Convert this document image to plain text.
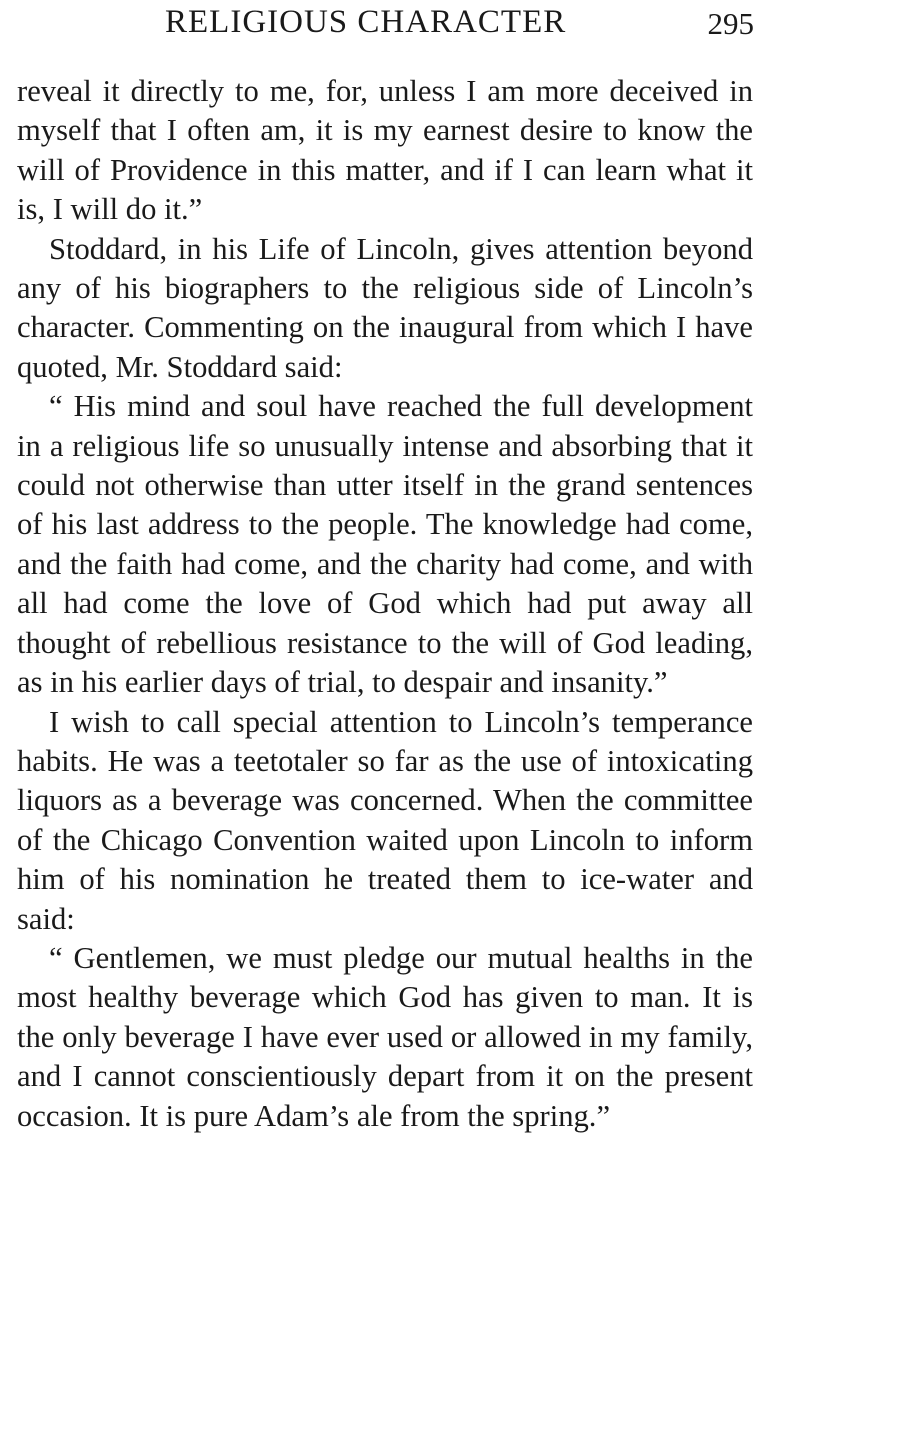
RELIGIOUS CHARACTER	295

reveal it directly to me, for, unless I am more deceived in myself that I often am, it is my earnest desire to know the will of Providence in this matter, and if I can learn what it is, I will do it.”

Stoddard, in his Life of Lincoln, gives attention beyond any of his biographers to the religious side of Lincoln’s character. Commenting on the inaugural from which I have quoted, Mr. Stoddard said:

“ His mind and soul have reached the full development in a religious life so unusually intense and absorbing that it could not otherwise than utter itself in the grand sentences of his last address to the people. The knowledge had come, and the faith had come, and the charity had come, and with all had come the love of God which had put away all thought of rebellious resistance to the will of God leading, as in his earlier days of trial, to despair and insanity.”

I wish to call special attention to Lincoln’s temperance habits. He was a teetotaler so far as the use of intoxicating liquors as a beverage was concerned. When the committee of the Chicago Convention waited upon Lincoln to inform him of his nomination he treated them to ice-water and said:

“ Gentlemen, we must pledge our mutual healths in the most healthy beverage which God has given to man. It is the only beverage I have ever used or allowed in my family, and I cannot conscientiously depart from it on the present occasion. It is pure Adam’s ale from the spring.”
